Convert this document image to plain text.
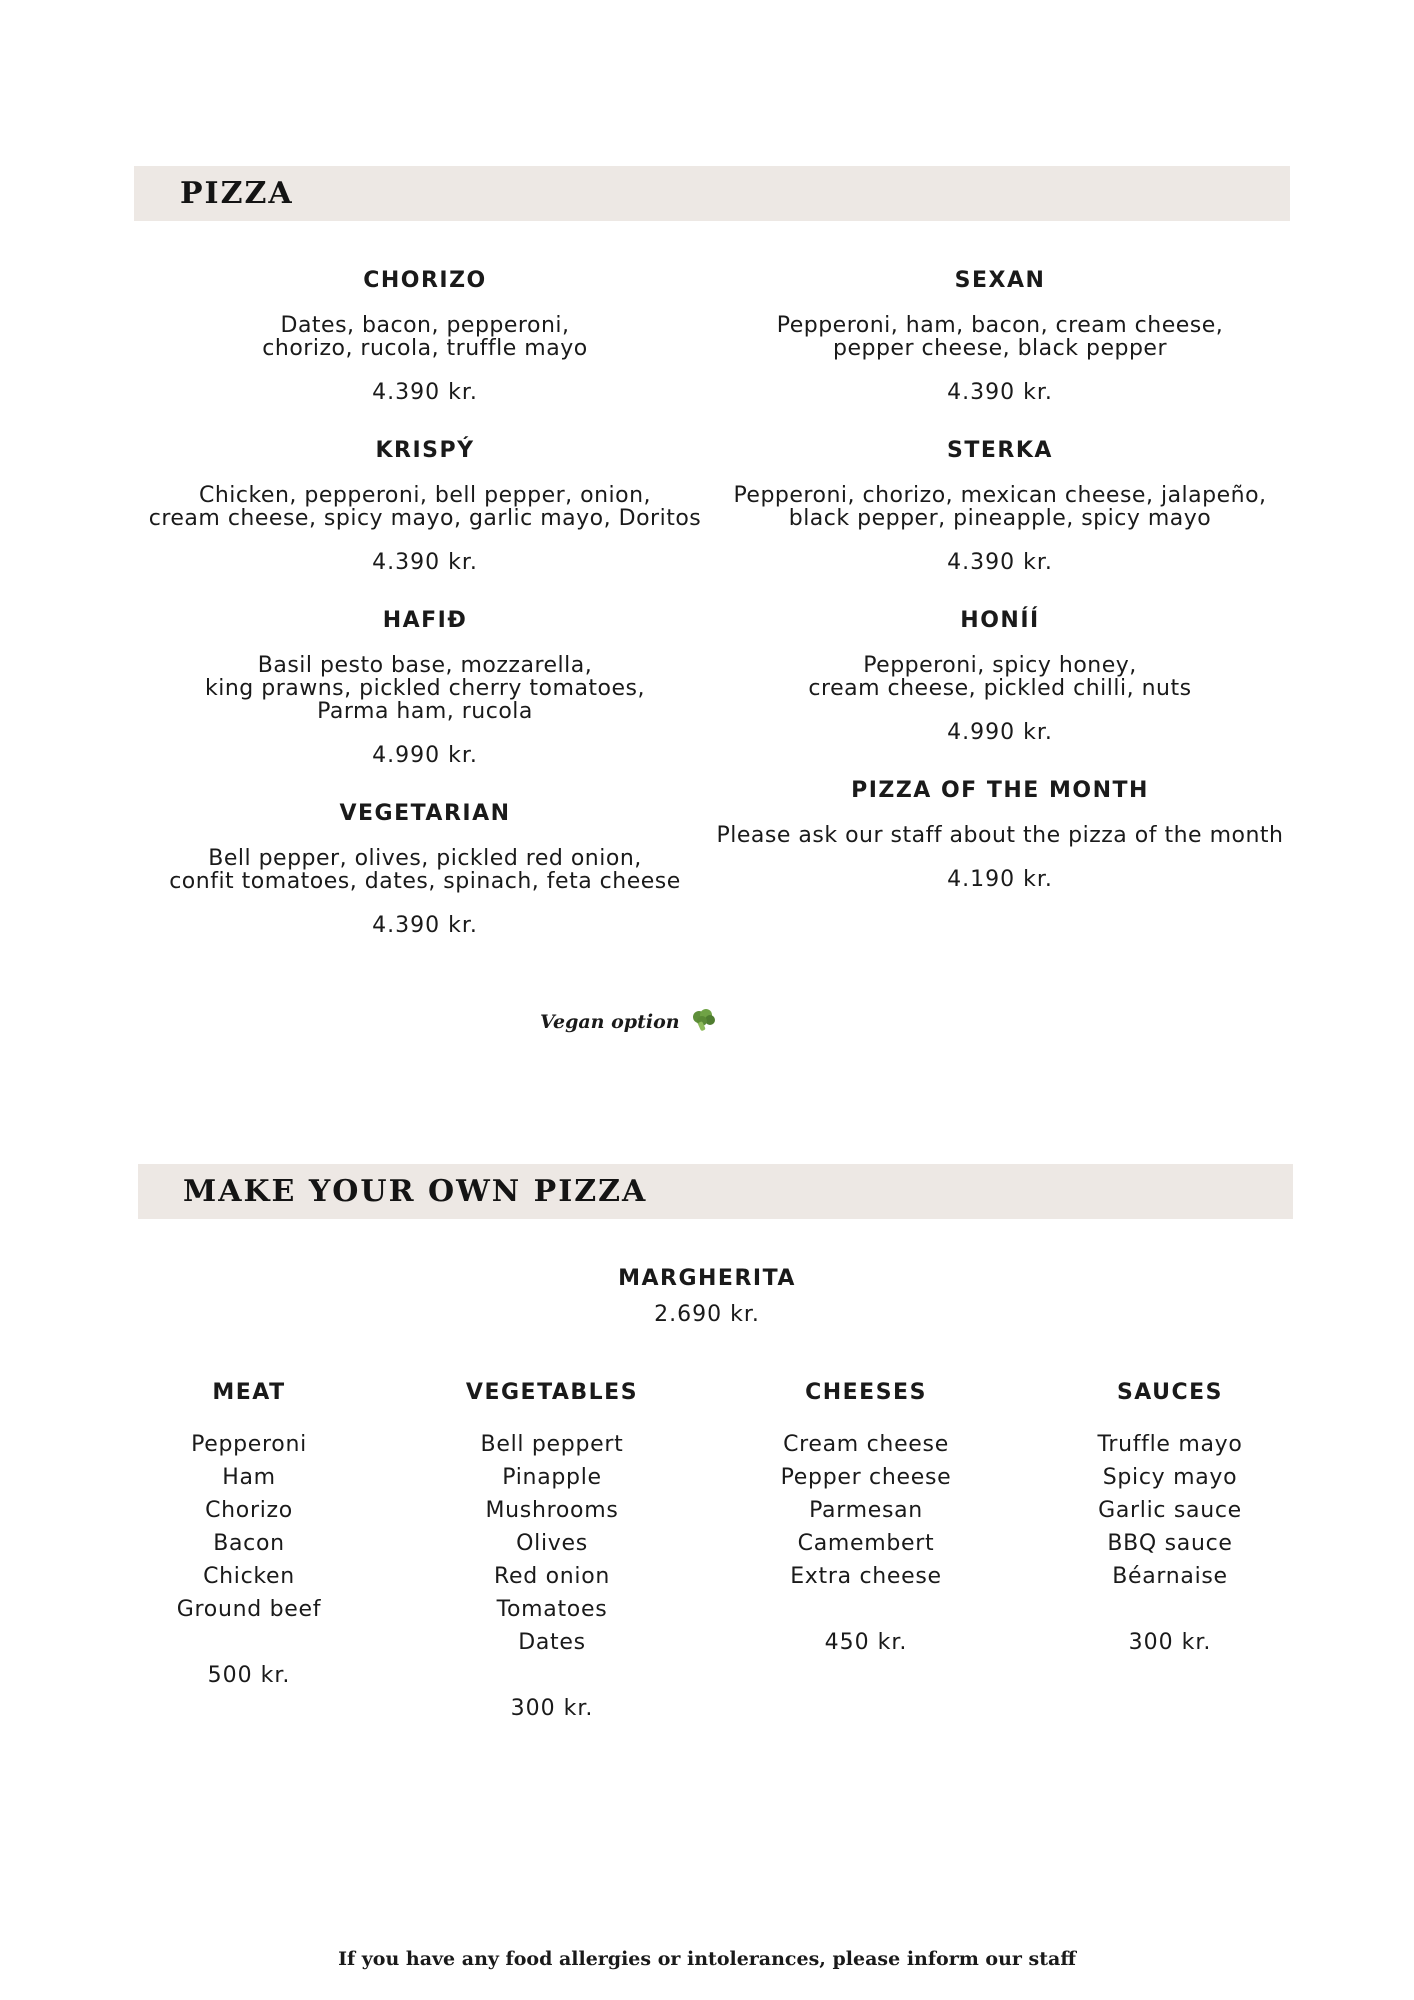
PIZZA
CHORIZO
Dates, bacon, pepperoni,
chorizo, rucola, truffle mayo
4.390 kr.
KRISPÝ
Chicken, pepperoni, bell pepper, onion,
cream cheese, spicy mayo, garlic mayo, Doritos
4.390 kr.
HAFIÐ
Basil pesto base, mozzarella,
king prawns, pickled cherry tomatoes,
Parma ham, rucola
4.990 kr.
VEGETARIAN
Bell pepper, olives, pickled red onion,
confit tomatoes, dates, spinach, feta cheese
4.390 kr.
SEXAN
Pepperoni, ham, bacon, cream cheese,
pepper cheese, black pepper
4.390 kr.
STERKA
Pepperoni, chorizo, mexican cheese, jalapeño,
black pepper, pineapple, spicy mayo
4.390 kr.
HONÍÍ
Pepperoni, spicy honey,
cream cheese, pickled chilli, nuts
4.990 kr.
PIZZA OF THE MONTH
Please ask our staff about the pizza of the month
4.190 kr.
Vegan option
MAKE YOUR OWN PIZZA
MARGHERITA
2.690 kr.
MEAT
Pepperoni
Ham
Chorizo
Bacon
Chicken
Ground beef
500 kr.
VEGETABLES
Bell peppert
Pinapple
Mushrooms
Olives
Red onion
Tomatoes
Dates
300 kr.
CHEESES
Cream cheese
Pepper cheese
Parmesan
Camembert
Extra cheese
450 kr.
SAUCES
Truffle mayo
Spicy mayo
Garlic sauce
BBQ sauce
Béarnaise
300 kr.
If you have any food allergies or intolerances, please inform our staff
